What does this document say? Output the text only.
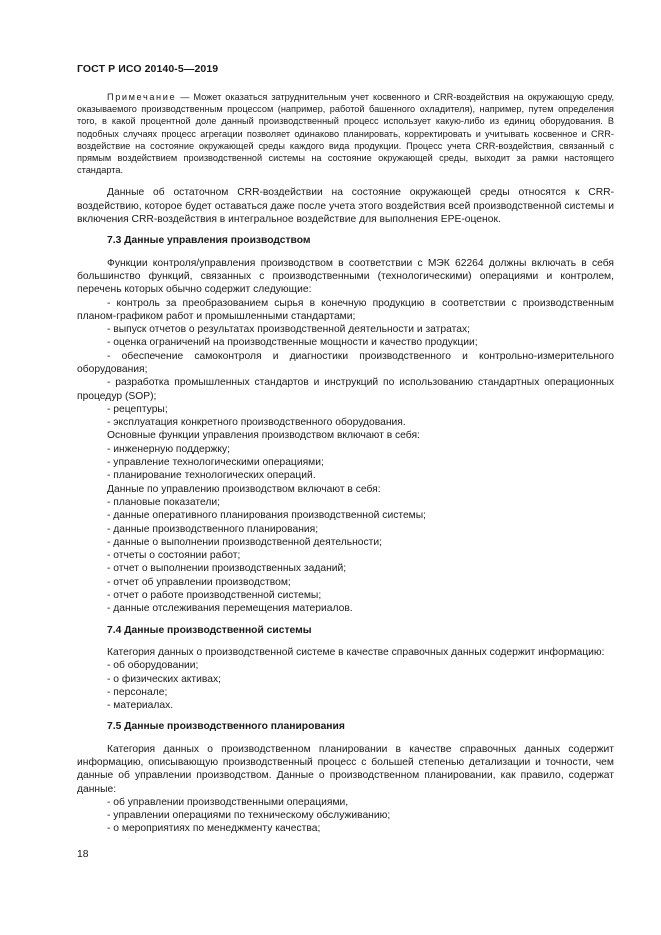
ГОСТ Р ИСО 20140-5—2019

Примечание — Может оказаться затруднительным учет косвенного и CRR-воздействия на окружающую среду, оказываемого производственным процессом (например, работой башенного охладителя), например, путем определения того, в какой процентной доле данный производственный процесс использует какую-либо из единиц оборудования. В подобных случаях процесс агрегации позволяет одинаково планировать, корректировать и учитывать косвенное и CRR-воздействие на состояние окружающей среды каждого вида продукции. Процесс учета CRR-воздействия, связанный с прямым воздействием производственной системы на состояние окружающей среды, выходит за рамки настоящего стандарта.

Данные об остаточном CRR-воздействии на состояние окружающей среды относятся к CRR-воздействию, которое будет оставаться даже после учета этого воздействия всей производственной системы и включения CRR-воздействия в интегральное воздействие для выполнения EPE-оценок.

7.3 Данные управления производством

Функции контроля/управления производством в соответствии с МЭК 62264 должны включать в себя большинство функций, связанных с производственными (технологическими) операциями и контролем, перечень которых обычно содержит следующие:

- контроль за преобразованием сырья в конечную продукцию в соответствии с производственным планом-графиком работ и промышленными стандартами;

- выпуск отчетов о результатах производственной деятельности и затратах;

- оценка ограничений на производственные мощности и качество продукции;

- обеспечение самоконтроля и диагностики производственного и контрольно-измерительного оборудования;

- разработка промышленных стандартов и инструкций по использованию стандартных операционных процедур (SOP);

- рецептуры;

- эксплуатация конкретного производственного оборудования.

Основные функции управления производством включают в себя:

- инженерную поддержку;

- управление технологическими операциями;

- планирование технологических операций.

Данные по управлению производством включают в себя:

- плановые показатели;

- данные оперативного планирования производственной системы;

- данные производственного планирования;

- данные о выполнении производственной деятельности;

- отчеты о состоянии работ;

- отчет о выполнении производственных заданий;

- отчет об управлении производством;

- отчет о работе производственной системы;

- данные отслеживания перемещения материалов.

7.4 Данные производственной системы

Категория данных о производственной системе в качестве справочных данных содержит информацию:

- об оборудовании;

- о физических активах;

- персонале;

- материалах.

7.5 Данные производственного планирования

Категория данных о производственном планировании в качестве справочных данных содержит информацию, описывающую производственный процесс с большей степенью детализации и точности, чем данные об управлении производством. Данные о производственном планировании, как правило, содержат данные:

- об управлении производственными операциями,

- управлении операциями по техническому обслуживанию;

- о мероприятиях по менеджменту качества;

18
